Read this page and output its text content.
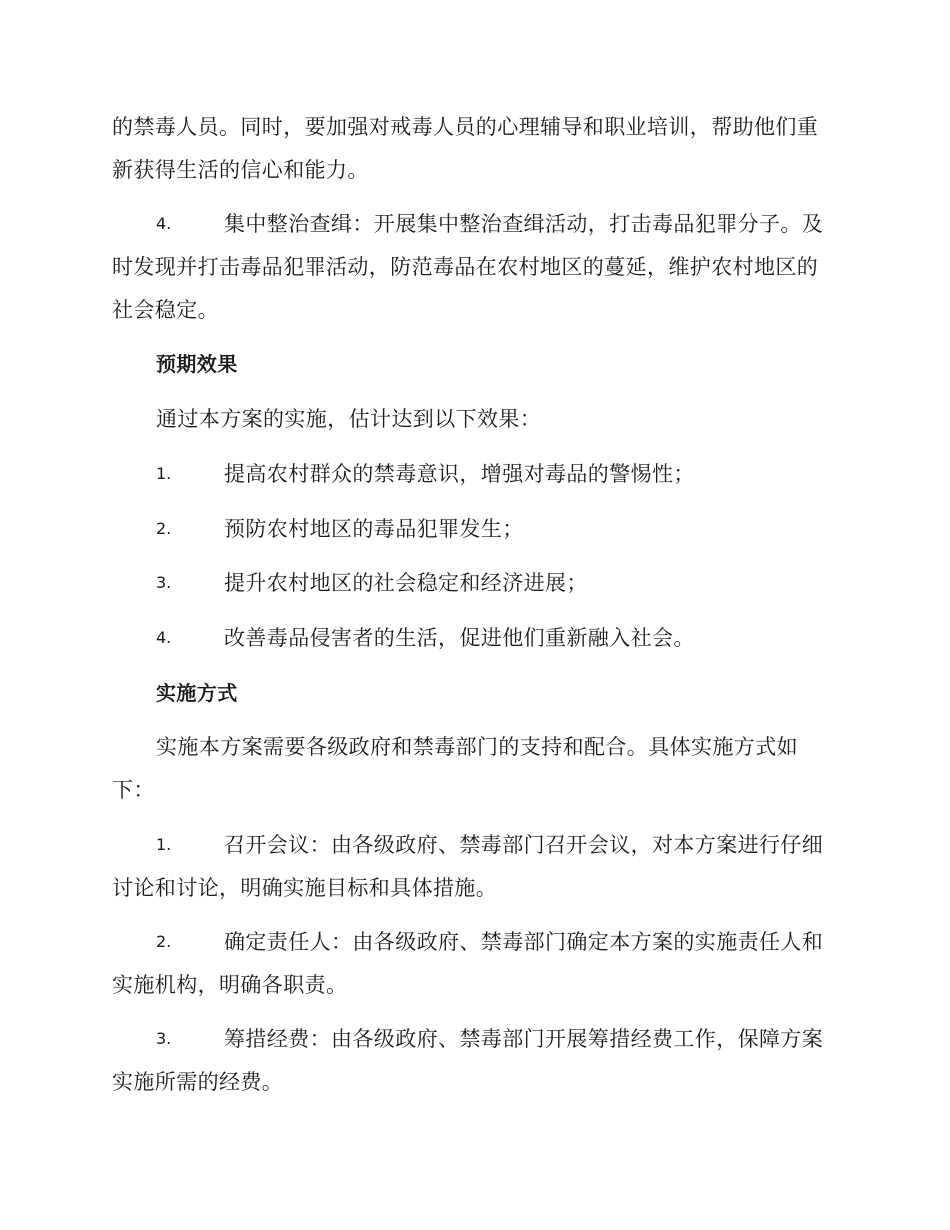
的禁毒人员。同时，要加强对戒毒人员的心理辅导和职业培训，帮助他们重
新获得生活的信心和能力。
4.	集中整治查缉：开展集中整治查缉活动，打击毒品犯罪分子。及
时发现并打击毒品犯罪活动，防范毒品在农村地区的蔓延，维护农村地区的
社会稳定。
预期效果
通过本方案的实施，估计达到以下效果：
1.	提高农村群众的禁毒意识，增强对毒品的警惕性；
2.	预防农村地区的毒品犯罪发生；
3.	提升农村地区的社会稳定和经济进展；
4.	改善毒品侵害者的生活，促进他们重新融入社会。
实施方式
实施本方案需要各级政府和禁毒部门的支持和配合。具体实施方式如
下：
1.	召开会议：由各级政府、禁毒部门召开会议，对本方案进行仔细
讨论和讨论，明确实施目标和具体措施。
2.	确定责任人：由各级政府、禁毒部门确定本方案的实施责任人和
实施机构，明确各职责。
3.	筹措经费：由各级政府、禁毒部门开展筹措经费工作，保障方案
实施所需的经费。
